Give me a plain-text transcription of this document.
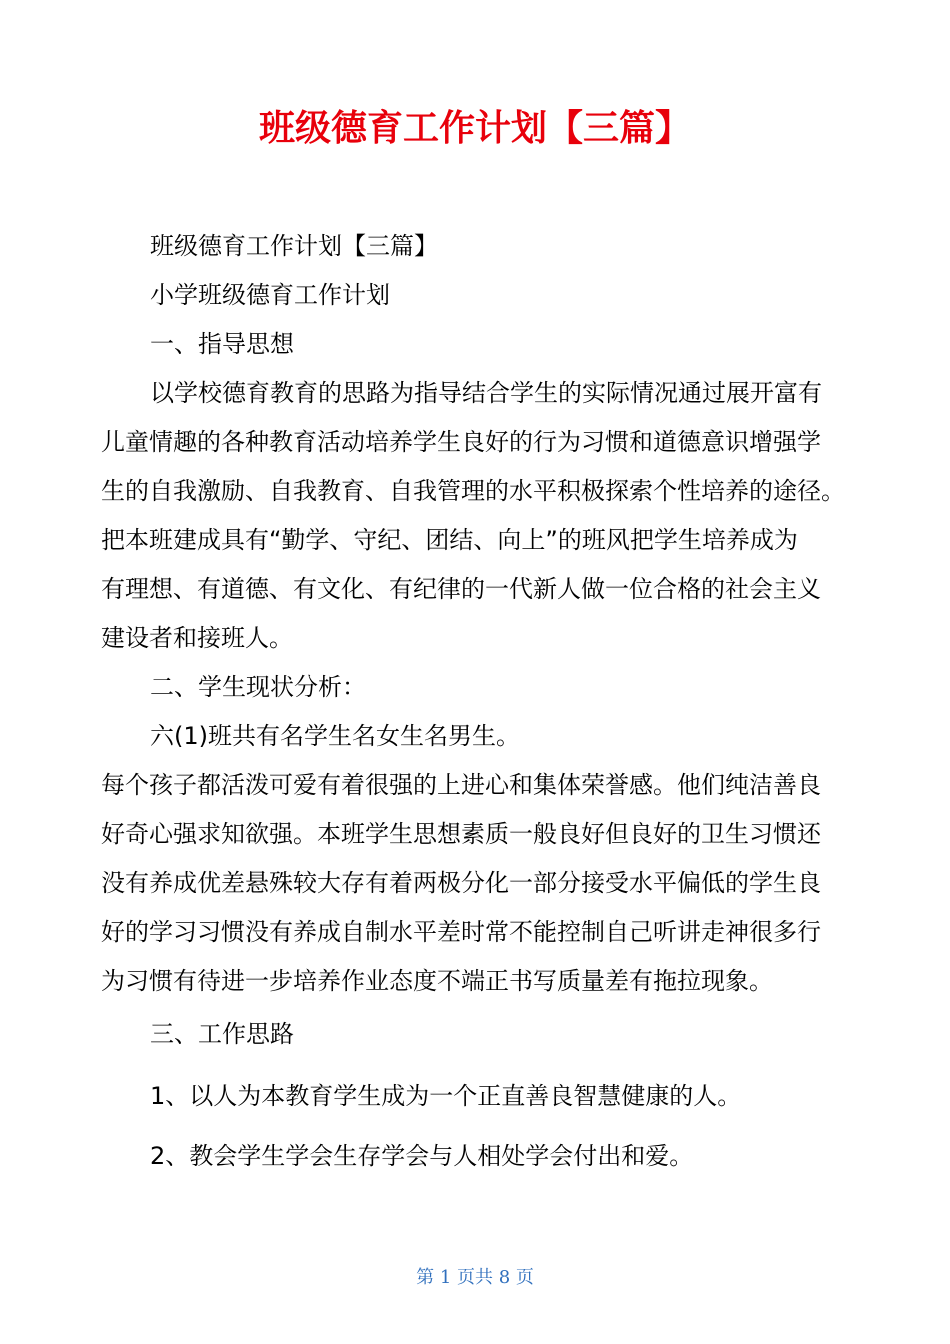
班级德育工作计划【三篇】
班级德育工作计划【三篇】
小学班级德育工作计划
一、指导思想
以学校德育教育的思路为指导结合学生的实际情况通过展开富有
儿童情趣的各种教育活动培养学生良好的行为习惯和道德意识增强学
生的自我激励、自我教育、自我管理的水平积极探索个性培养的途径。
把本班建成具有“勤学、守纪、团结、向上”的班风把学生培养成为
有理想、有道德、有文化、有纪律的一代新人做一位合格的社会主义
建设者和接班人。
二、学生现状分析：
六(1)班共有名学生名女生名男生。
每个孩子都活泼可爱有着很强的上进心和集体荣誉感。他们纯洁善良
好奇心强求知欲强。本班学生思想素质一般良好但良好的卫生习惯还
没有养成优差悬殊较大存有着两极分化一部分接受水平偏低的学生良
好的学习习惯没有养成自制水平差时常不能控制自己听讲走神很多行
为习惯有待进一步培养作业态度不端正书写质量差有拖拉现象。
三、工作思路
1、以人为本教育学生成为一个正直善良智慧健康的人。
2、教会学生学会生存学会与人相处学会付出和爱。
第 1 页共 8 页
